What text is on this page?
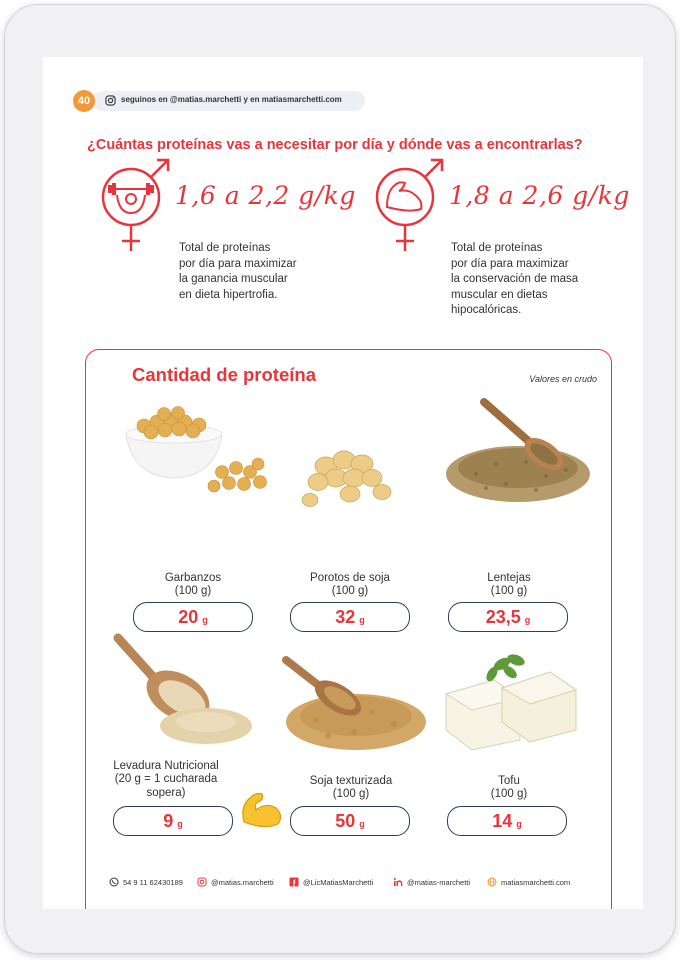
seguinos en @matias.marchetti y en matiasmarchetti.com
40
¿Cuántas proteínas vas a necesitar por día y dónde vas a encontrarlas?
1,6 a 2,2 g/kg
Total de proteínas
por día para maximizar
la ganancia muscular
en dieta hipertrofia.
1,8 a 2,6 g/kg
Total de proteínas
por día para maximizar
la conservación de masa
muscular en dietas
hipocalóricas.
Cantidad de proteína	Valores en crudo
Garbanzos
(100 g)
20 g
Porotos de soja
(100 g)
32 g
Lentejas
(100 g)
23,5 g
Levadura Nutricional
(20 g = 1 cucharada
sopera)
9 g
Soja texturizada
(100 g)
50 g
Tofu
(100 g)
14 g
54 9 11 62430189	@matias.marchetti	@LicMatiasMarchetti	@matias-marchetti	matiasmarchetti.com
